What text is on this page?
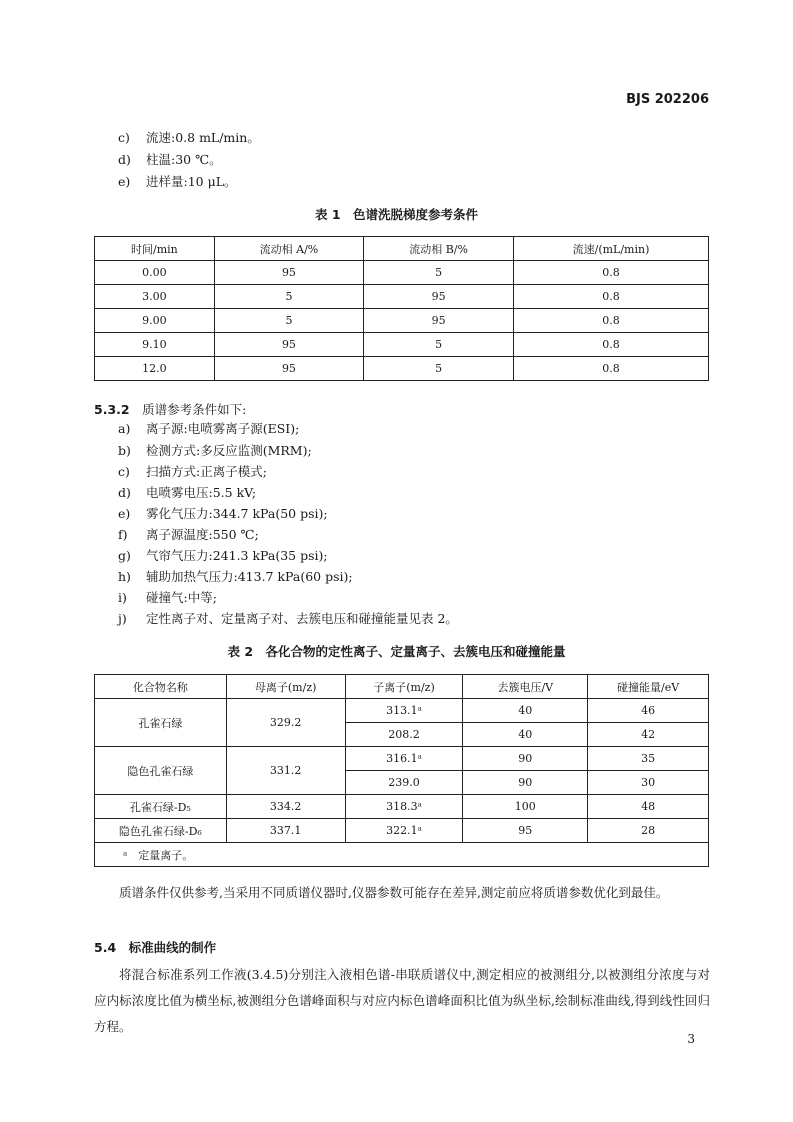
BJS 202206
c) 流速:0.8 mL/min。
d) 柱温:30 ℃。
e) 进样量:10 μL。
表 1　色谱洗脱梯度参考条件
时间/min	流动相 A/%	流动相 B/%	流速/(mL/min)
0.00	95	5	0.8
3.00	5	95	0.8
9.00	5	95	0.8
9.10	95	5	0.8
12.0	95	5	0.8
5.3.2　 质谱参考条件如下:
a) 离子源:电喷雾离子源(ESI);
b) 检测方式:多反应监测(MRM);
c) 扫描方式:正离子模式;
d) 电喷雾电压:5.5 kV;
e) 雾化气压力:344.7 kPa(50 psi);
f) 离子源温度:550 ℃;
g) 气帘气压力:241.3 kPa(35 psi);
h) 辅助加热气压力:413.7 kPa(60 psi);
i) 碰撞气:中等;
j) 定性离子对、定量离子对、去簇电压和碰撞能量见表 2。
表 2　各化合物的定性离子、定量离子、去簇电压和碰撞能量
化合物名称	母离子(m/z)	子离子(m/z)	去簇电压/V	碰撞能量/eV
孔雀石绿	329.2	313.1ᵃ	40	46
		208.2	40	42
隐色孔雀石绿	331.2	316.1ᵃ	90	35
		239.0	90	30
孔雀石绿-D₅	334.2	318.3ᵃ	100	48
隐色孔雀石绿-D₆	337.1	322.1ᵃ	95	28
ᵃ　定量离子。				
质谱条件仅供参考,当采用不同质谱仪器时,仪器参数可能存在差异,测定前应将质谱参数优化到最佳。
5.4　 标准曲线的制作
将混合标准系列工作液(3.4.5)分别注入液相色谱-串联质谱仪中,测定相应的被测组分,以被测组分浓度与对应内标浓度比值为横坐标,被测组分色谱峰面积与对应内标色谱峰面积比值为纵坐标,绘制标准曲线,得到线性回归方程。
3
